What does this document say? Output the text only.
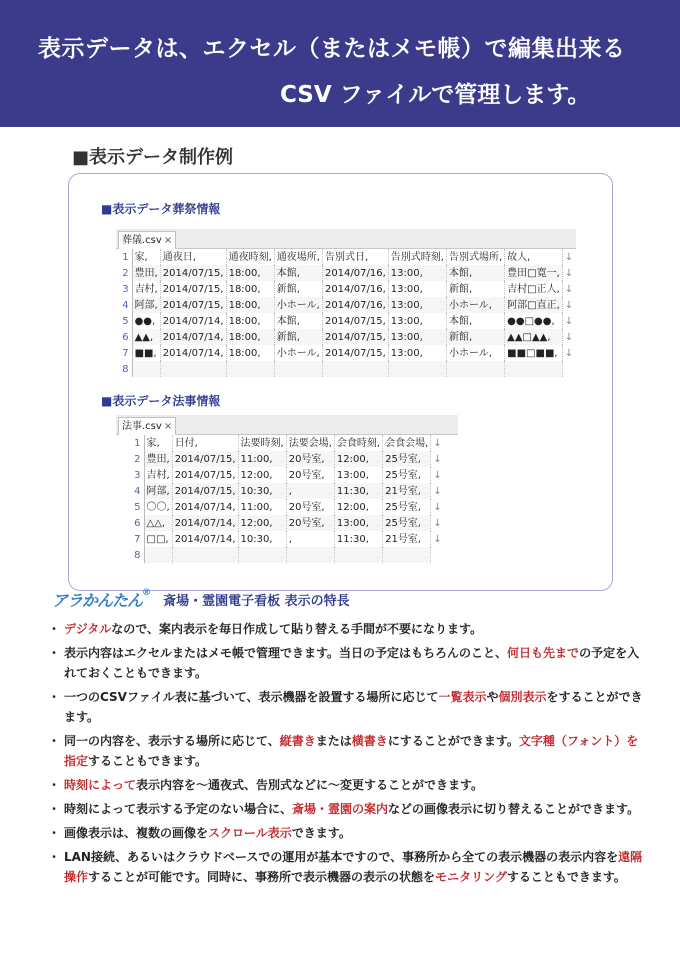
表示データは、エクセル（またはメモ帳）で編集出来る
CSV ファイルで管理します。
■表示データ制作例
■表示データ葬祭情報
葬儀.csv ×
1	家,	通夜日,	通夜時刻,	通夜場所,	告別式日,	告別式時刻,	告別式場所,	故人,	↓
2	豊田,	2014/07/15,	18:00,	本館,	2014/07/16,	13:00,	本館,	豊田□寛一,	↓
3	吉村,	2014/07/15,	18:00,	新館,	2014/07/16,	13:00,	新館,	吉村□正人,	↓
4	阿部,	2014/07/15,	18:00,	小ホール,	2014/07/16,	13:00,	小ホール,	阿部□直正,	↓
5	●●,	2014/07/14,	18:00,	本館,	2014/07/15,	13:00,	本館,	●●□●●,	↓
6	▲▲,	2014/07/14,	18:00,	新館,	2014/07/15,	13:00,	新館,	▲▲□▲▲,	↓
7	■■,	2014/07/14,	18:00,	小ホール,	2014/07/15,	13:00,	小ホール,	■■□■■,	↓
8									
■表示データ法事情報
法事.csv ×
1	家,	日付,	法要時刻,	法要会場,	会食時刻,	会食会場,	↓
2	豊田,	2014/07/15,	11:00,	20号室,	12:00,	25号室,	↓
3	吉村,	2014/07/15,	12:00,	20号室,	13:00,	25号室,	↓
4	阿部,	2014/07/15,	10:30,	,	11:30,	21号室,	↓
5	〇〇,	2014/07/14,	11:00,	20号室,	12:00,	25号室,	↓
6	△△,	2014/07/14,	12:00,	20号室,	13:00,	25号室,	↓
7	□□,	2014/07/14,	10:30,	,	11:30,	21号室,	↓
8							
アラかんたん® 斎場・霊園電子看板 表示の特長
・ デジタルなので、案内表示を毎日作成して貼り替える手間が不要になります。
・ 表示内容はエクセルまたはメモ帳で管理できます。当日の予定はもちろんのこと、何日も先までの予定を入れておくこともできます。
・ 一つのCSVファイル表に基づいて、表示機器を設置する場所に応じて一覧表示や個別表示をすることができます。
・ 同一の内容を、表示する場所に応じて、縦書きまたは横書きにすることができます。文字種（フォント）を指定することもできます。
・ 時刻によって表示内容を〜通夜式、告別式などに〜変更することができます。
・ 時刻によって表示する予定のない場合に、斎場・霊園の案内などの画像表示に切り替えることができます。
・ 画像表示は、複数の画像をスクロール表示できます。
・ LAN接続、あるいはクラウドベースでの運用が基本ですので、事務所から全ての表示機器の表示内容を遠隔操作することが可能です。同時に、事務所で表示機器の表示の状態をモニタリングすることもできます。
